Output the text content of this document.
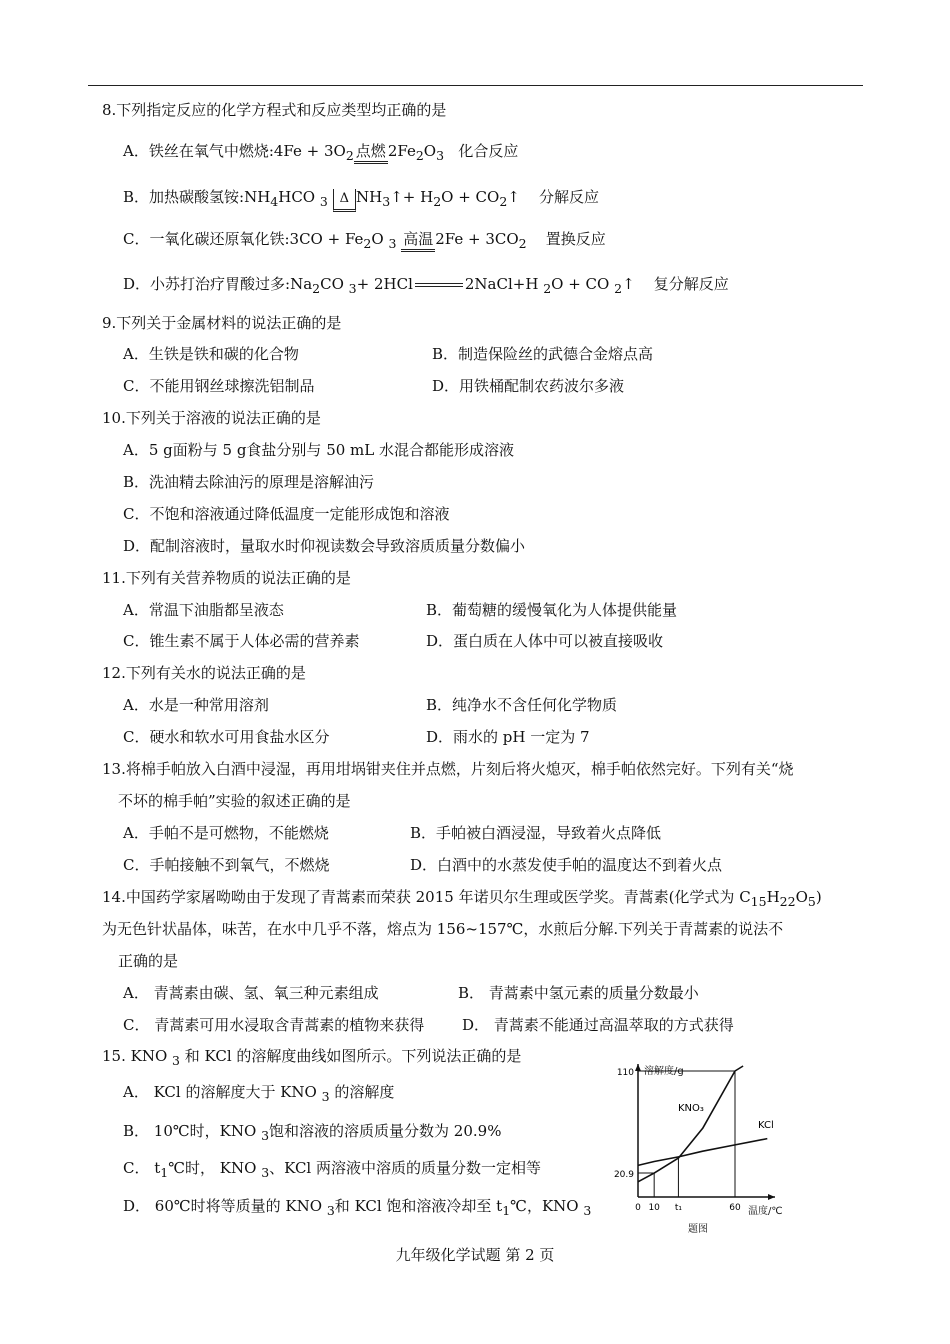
8.下列指定反应的化学方程式和反应类型均正确的是
A．铁丝在氧气中燃烧:4Fe + $3O_2$ 点燃 $2Fe_2O_3$ 化合反应
B．加热碳酸氢铵$:NH_4HCO$ $_3$ Δ $NH_3↑+ H_2O$ + $CO_2↑$ 分解反应
C．一氧化碳还原氧化铁:3CO + $Fe_2O$ $_3$ 高温 $2Fe + 3CO_2$ 置换反应
D．小苏打治疗胃酸过多$:Na_2CO$ $_3$+ 2HCl	2NaCl+H $_2$O + CO $_2$↑ 复分解反应
9.下列关于金属材料的说法正确的是
A．生铁是铁和碳的化合物	B．制造保险丝的武德合金熔点高
C．不能用钢丝球擦洗铝制品	D．用铁桶配制农药波尔多液
10.下列关于溶液的说法正确的是
A．5 g面粉与 5 g食盐分别与 50 mL 水混合都能形成溶液
B．洗油精去除油污的原理是溶解油污
C．不饱和溶液通过降低温度一定能形成饱和溶液
D．配制溶液时，量取水时仰视读数会导致溶质质量分数偏小
11.下列有关营养物质的说法正确的是
A．常温下油脂都呈液态	B．葡萄糖的缓慢氧化为人体提供能量
C．锥生素不属于人体必需的营养素	D．蛋白质在人体中可以被直接吸收
12.下列有关水的说法正确的是
A．水是一种常用溶剂	B．纯净水不含任何化学物质
C．硬水和软水可用食盐水区分	D．雨水的 pH 一定为 7
13.将棉手帕放入白酒中浸湿，再用坩埚钳夹住并点燃，片刻后将火熄灭，棉手帕依然完好。下列有关“烧
不坏的棉手帕”实验的叙述正确的是
A．手帕不是可燃物，不能燃烧	B．手帕被白酒浸湿，导致着火点降低
C．手帕接触不到氧气，不燃烧	D．白酒中的水蒸发使手帕的温度达不到着火点
14.中国药学家屠呦呦由于发现了青蒿素而荣获 2015 年诺贝尔生理或医学奖。青蒿素(化学式为 $C_{15}H_{22}O_5$)
为无色针状晶体，味苦，在水中几乎不落，熔点为 156~157℃，水煎后分解.下列关于青蒿素的说法不
正确的是
A． 青蒿素由碳、氢、氧三种元素组成	B． 青蒿素中氢元素的质量分数最小
C． 青蒿素可用水浸取含青蒿素的植物来获得	D． 青蒿素不能通过高温萃取的方式获得
15. KNO $_3$ 和 KCl 的溶解度曲线如图所示。下列说法正确的是
A． KCl 的溶解度大于 KNO $_3$ 的溶解度
B． 10℃时，KNO $_3$饱和溶液的溶质质量分数为 20.9%
C． $t_1℃$时， KNO $_3$、KCl 两溶液中溶质的质量分数一定相等
D． 60℃时将等质量的 KNO $_3$和 KCl 饱和溶液冷却至 $t_1℃$，KNO $_3$
溶解度/g
温度/℃
题图
110
20.9
0 10 t₁	60
KNO₃
KCl
九年级化学试题 第 2 页
